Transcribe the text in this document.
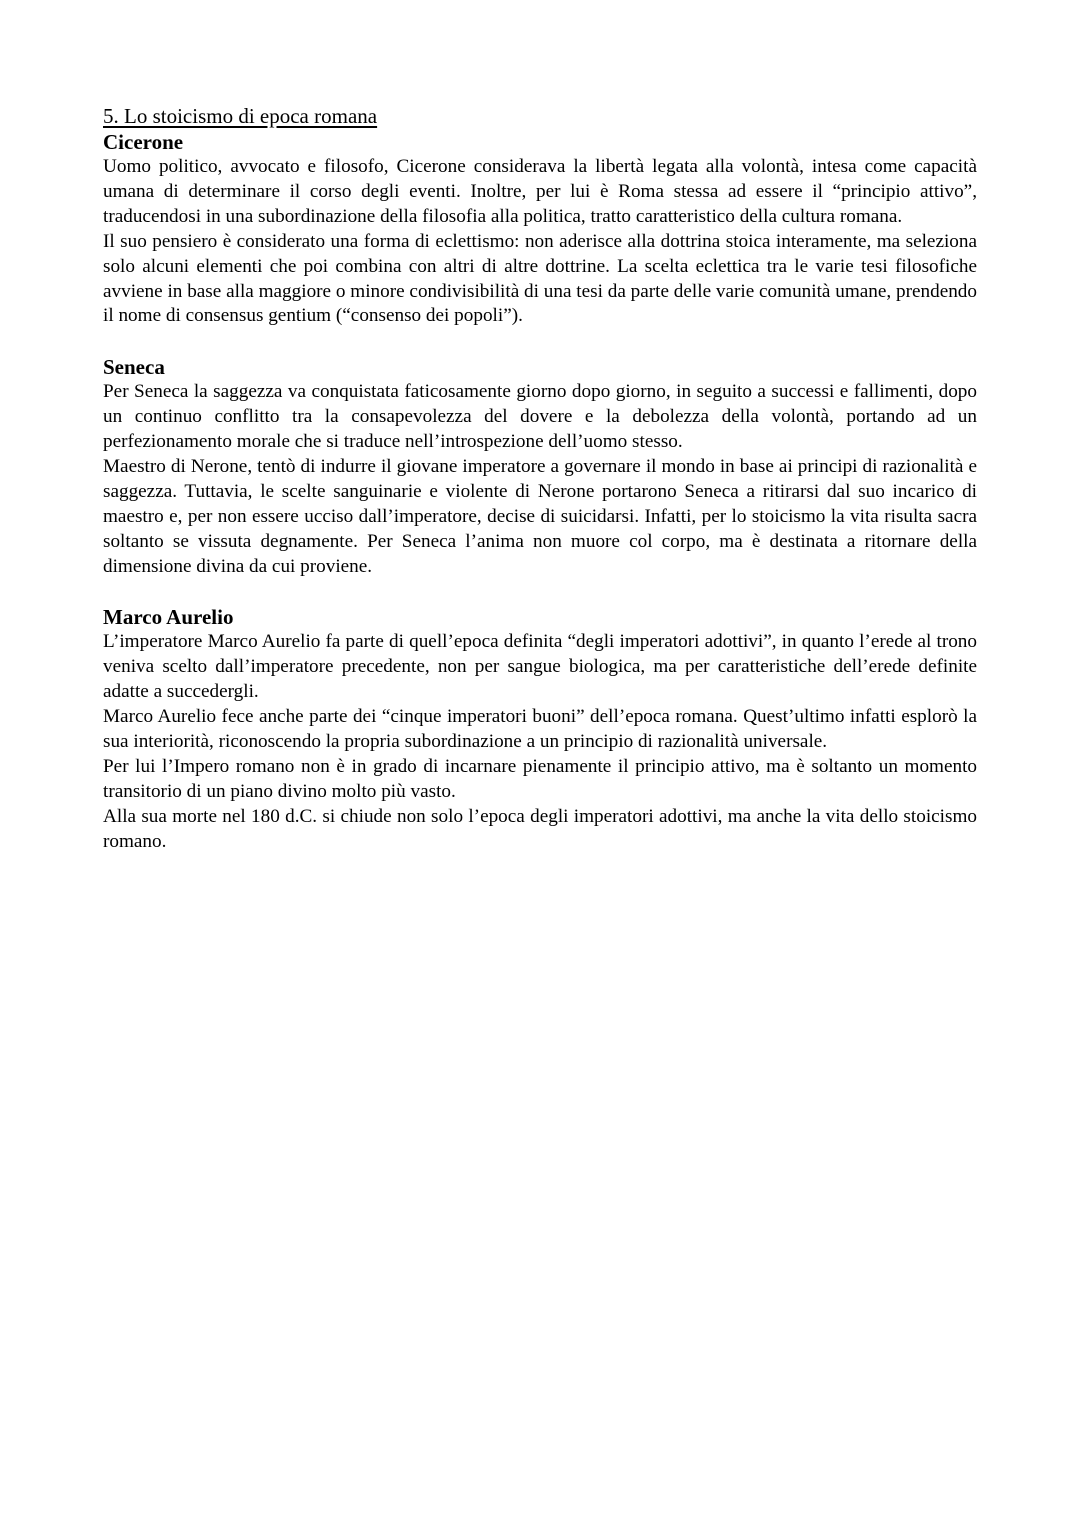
5. Lo stoicismo di epoca romana
Cicerone

Uomo politico, avvocato e filosofo, Cicerone considerava la libertà legata alla volontà, intesa come capacità umana di determinare il corso degli eventi. Inoltre, per lui è Roma stessa ad essere il “principio attivo”, traducendosi in una subordinazione della filosofia alla politica, tratto caratteristico della cultura romana.

Il suo pensiero è considerato una forma di eclettismo: non aderisce alla dottrina stoica interamente, ma seleziona solo alcuni elementi che poi combina con altri di altre dottrine. La scelta eclettica tra le varie tesi filosofiche avviene in base alla maggiore o minore condivisibilità di una tesi da parte delle varie comunità umane, prendendo il nome di consensus gentium (“consenso dei popoli”).

Seneca

Per Seneca la saggezza va conquistata faticosamente giorno dopo giorno, in seguito a successi e fallimenti, dopo un continuo conflitto tra la consapevolezza del dovere e la debolezza della volontà, portando ad un perfezionamento morale che si traduce nell’introspezione dell’uomo stesso.

Maestro di Nerone, tentò di indurre il giovane imperatore a governare il mondo in base ai principi di razionalità e saggezza. Tuttavia, le scelte sanguinarie e violente di Nerone portarono Seneca a ritirarsi dal suo incarico di maestro e, per non essere ucciso dall’imperatore, decise di suicidarsi. Infatti, per lo stoicismo la vita risulta sacra soltanto se vissuta degnamente. Per Seneca l’anima non muore col corpo, ma è destinata a ritornare della dimensione divina da cui proviene.

Marco Aurelio

L’imperatore Marco Aurelio fa parte di quell’epoca definita “degli imperatori adottivi”, in quanto l’erede al trono veniva scelto dall’imperatore precedente, non per sangue biologica, ma per caratteristiche dell’erede definite adatte a succedergli.

Marco Aurelio fece anche parte dei “cinque imperatori buoni” dell’epoca romana. Quest’ultimo infatti esplorò la sua interiorità, riconoscendo la propria subordinazione a un principio di razionalità universale.

Per lui l’Impero romano non è in grado di incarnare pienamente il principio attivo, ma è soltanto un momento transitorio di un piano divino molto più vasto.

Alla sua morte nel 180 d.C. si chiude non solo l’epoca degli imperatori adottivi, ma anche la vita dello stoicismo romano.
